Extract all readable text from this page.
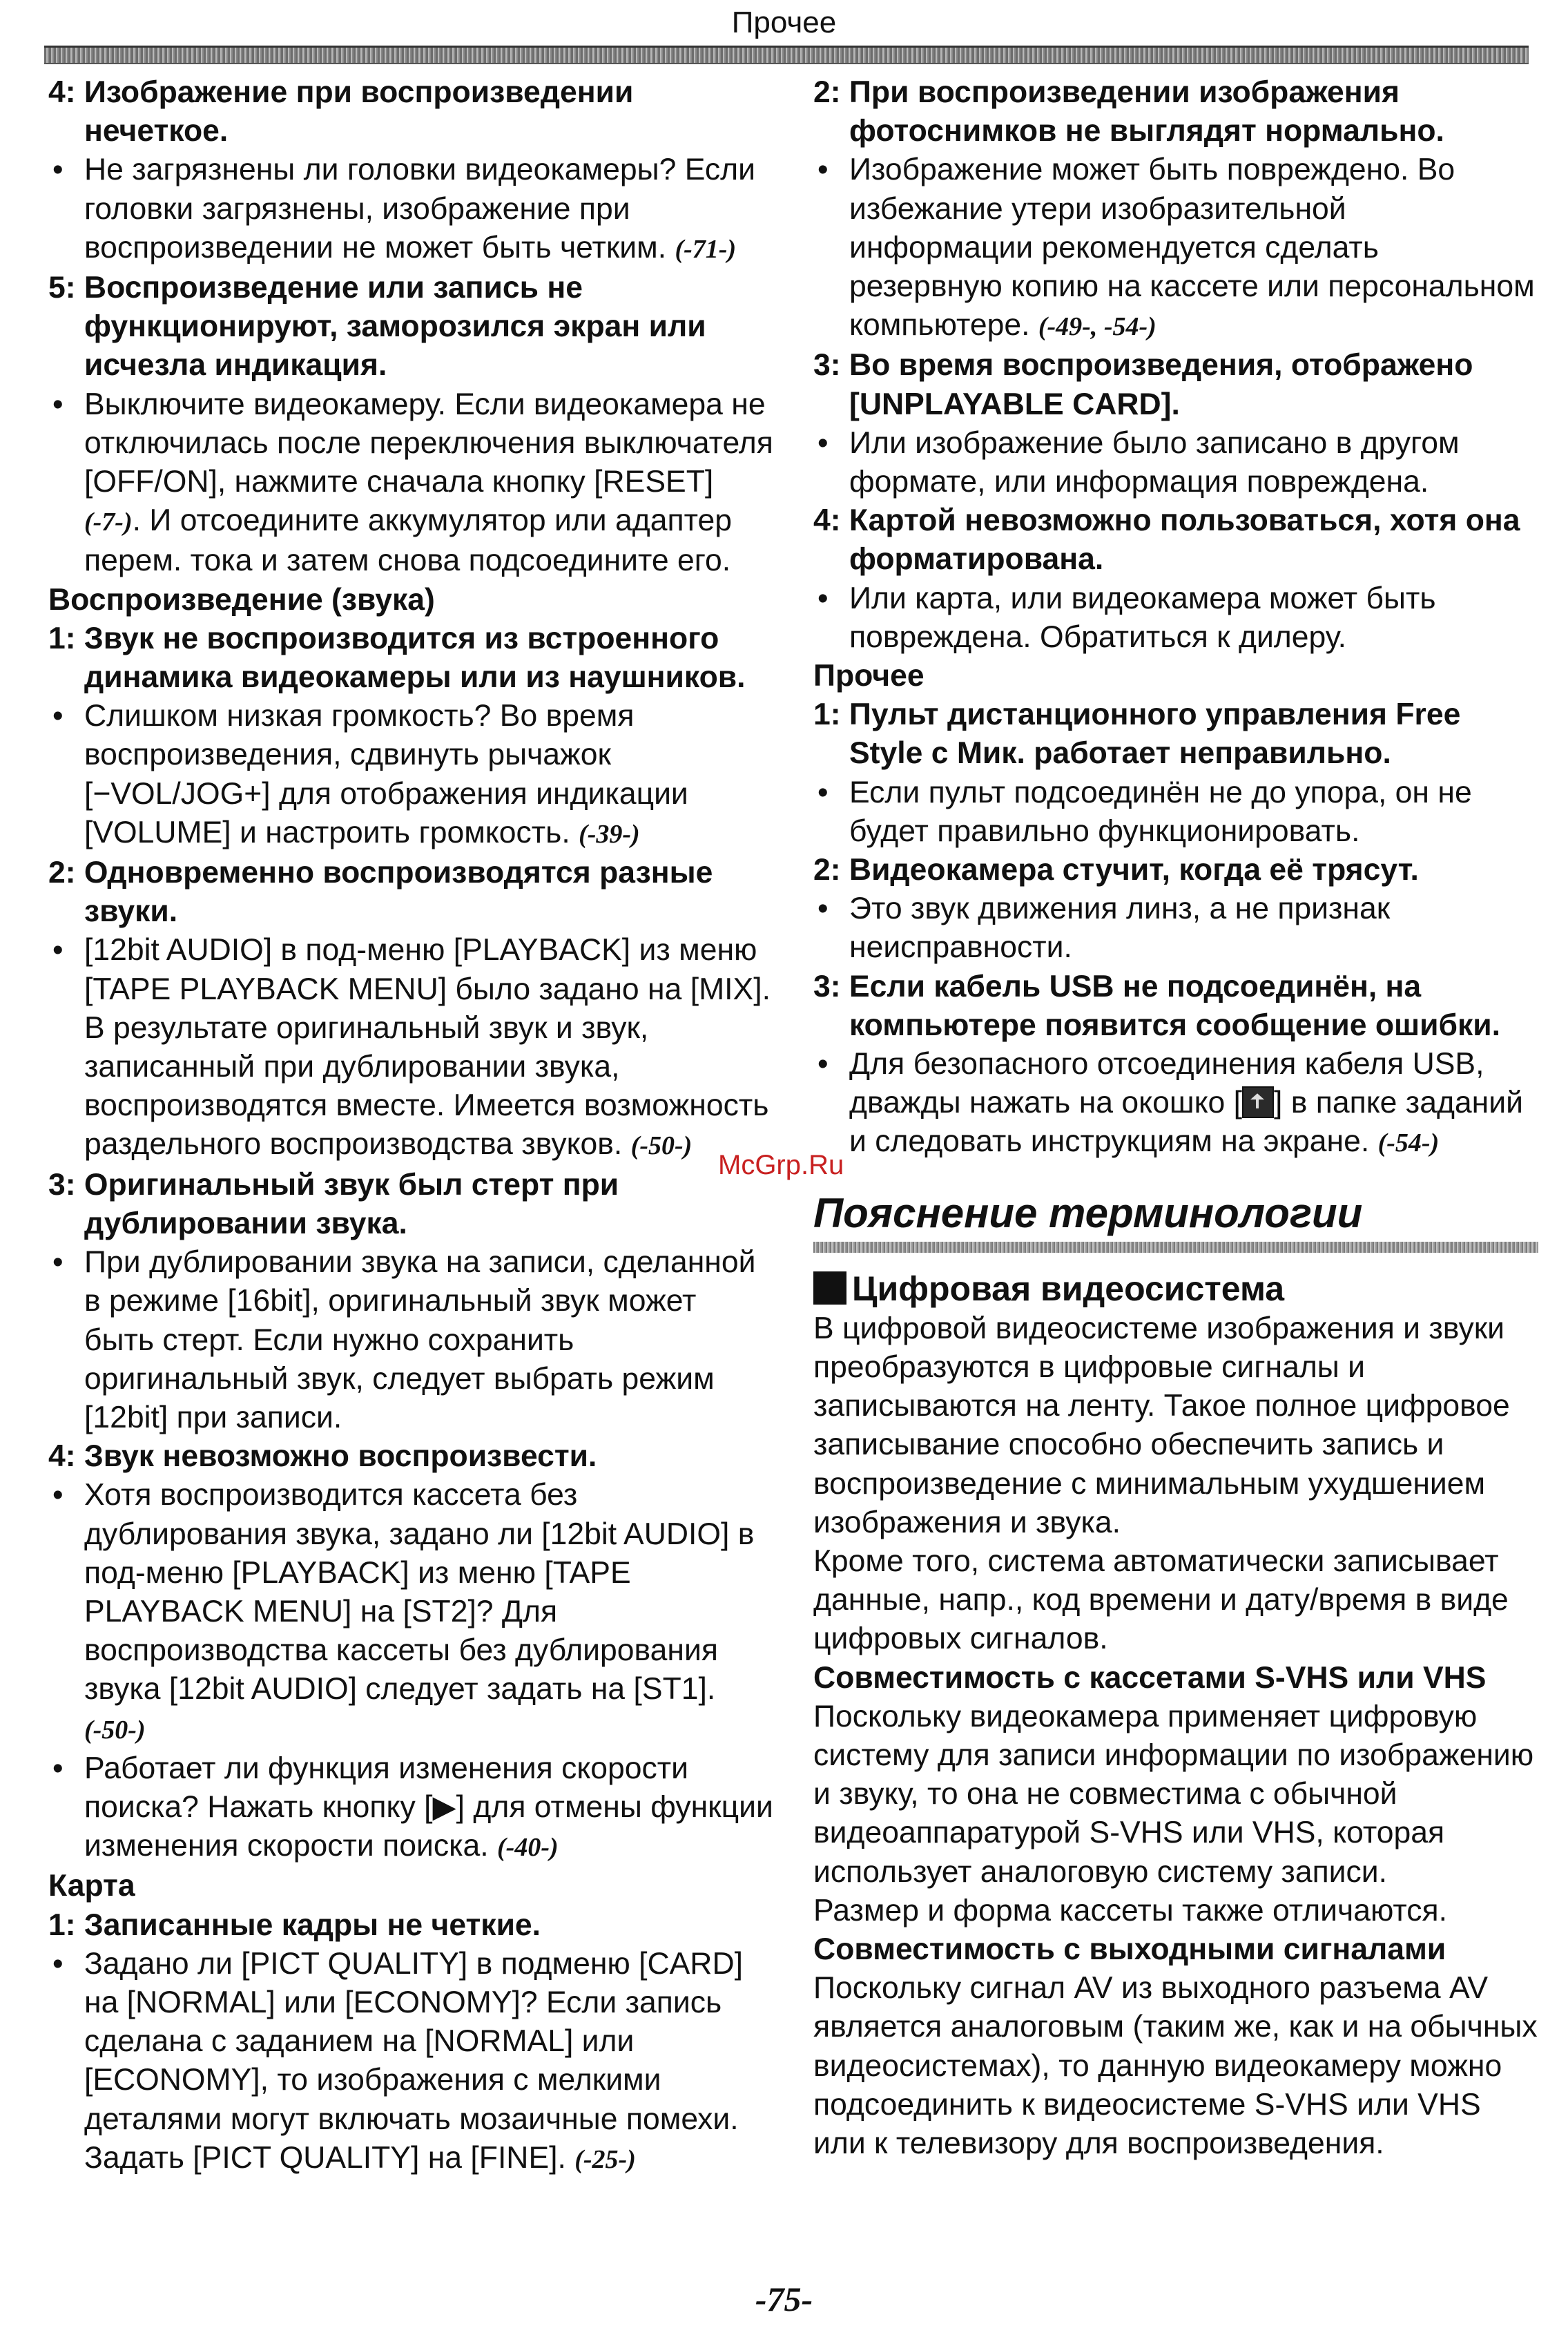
Прочее
4: Изображение при воспроизведении нечеткое.
• Не загрязнены ли головки видеокамеры? Если головки загрязнены, изображение при воспроизведении не может быть четким. (-71-)
5: Воспроизведение или запись не функционируют, заморозился экран или исчезла индикация.
• Выключите видеокамеру. Если видеокамера не отключилась после переключения выключателя [OFF/ON], нажмите сначала кнопку [RESET] (-7-). И отсоедините аккумулятор или адаптер перем. тока и затем снова подсоедините его.
Воспроизведение (звука)
1: Звук не воспроизводится из встроенного динамика видеокамеры или из наушников.
• Слишком низкая громкость? Во время воспроизведения, сдвинуть рычажок [−VOL/JOG+] для отображения индикации [VOLUME] и настроить громкость. (-39-)
2: Одновременно воспроизводятся разные звуки.
• [12bit AUDIO] в под-меню [PLAYBACK] из меню [TAPE PLAYBACK MENU] было задано на [MIX]. В результате оригинальный звук и звук, записанный при дублировании звука, воспроизводятся вместе. Имеется возможность раздельного воспроизводства звуков. (-50-)
3: Оригинальный звук был стерт при дублировании звука.
• При дублировании звука на записи, сделанной в режиме [16bit], оригинальный звук может быть стерт. Если нужно сохранить оригинальный звук, следует выбрать режим [12bit] при записи.
4: Звук невозможно воспроизвести.
• Хотя воспроизводится кассета без дублирования звука, задано ли [12bit AUDIO] в под-меню [PLAYBACK] из меню [TAPE PLAYBACK MENU] на [ST2]? Для воспроизводства кассеты без дублирования звука [12bit AUDIO] следует задать на [ST1]. (-50-)
• Работает ли функция изменения скорости поиска? Нажать кнопку [▶] для отмены функции изменения скорости поиска. (-40-)
Карта
1: Записанные кадры не четкие.
• Задано ли [PICT QUALITY] в подменю [CARD] на [NORMAL] или [ECONOMY]? Если запись сделана с заданием на [NORMAL] или [ECONOMY], то изображения с мелкими деталями могут включать мозаичные помехи. Задать [PICT QUALITY] на [FINE]. (-25-)
2: При воспроизведении изображения фотоснимков не выглядят нормально.
• Изображение может быть повреждено. Во избежание утери изобразительной информации рекомендуется сделать резервную копию на кассете или персональном компьютере. (-49-, -54-)
3: Во время воспроизведения, отображено [UNPLAYABLE CARD].
• Или изображение было записано в другом формате, или информация повреждена.
4: Картой невозможно пользоваться, хотя она форматирована.
• Или карта, или видеокамера может быть повреждена. Обратиться к дилеру.
Прочее
1: Пульт дистанционного управления Free Style с Мик. работает неправильно.
• Если пульт подсоединён не до упора, он не будет правильно функционировать.
2: Видеокамера стучит, когда её трясут.
• Это звук движения линз, а не признак неисправности.
3: Если кабель USB не подсоединён, на компьютере появится сообщение ошибки.
• Для безопасного отсоединения кабеля USB, дважды нажать на окошко [ ] в папке заданий и следовать инструкциям на экране. (-54-)
Пояснение терминологии
Цифровая видеосистема
В цифровой видеосистеме изображения и звуки преобразуются в цифровые сигналы и записываются на ленту. Такое полное цифровое записывание способно обеспечить запись и воспроизведение с минимальным ухудшением изображения и звука.
Кроме того, система автоматически записывает данные, напр., код времени и дату/время в виде цифровых сигналов.
Совместимость с кассетами S-VHS или VHS
Поскольку видеокамера применяет цифровую систему для записи информации по изображению и звуку, то она не совместима с обычной видеоаппаратурой S-VHS или VHS, которая использует аналоговую систему записи.
Размер и форма кассеты также отличаются.
Совместимость с выходными сигналами
Поскольку сигнал AV из выходного разъема AV является аналоговым (таким же, как и на обычных видеосистемах), то данную видеокамеру можно подсоединить к видеосистеме S-VHS или VHS или к телевизору для воспроизведения.
McGrp.Ru
-75-
